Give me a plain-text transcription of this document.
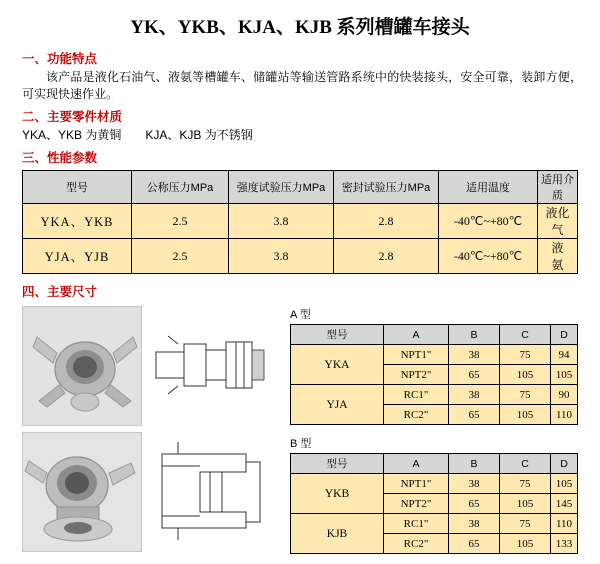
YK、YKB、KJA、KJB 系列槽罐车接头
一、功能特点
该产品是液化石油气、液氨等槽罐车、储罐站等输送管路系统中的快装接头，安全可靠，装卸方便，可实现快速作业。
二、主要零件材质
YKA、YKB 为黄铜　　KJA、KJB 为不锈钢
三、性能参数
型号	公称压力MPa	强度试验压力MPa	密封试验压力MPa	适用温度	适用介质
YKA、YKB	2.5	3.8	2.8	-40℃~+80℃	液化气
YJA、YJB	2.5	3.8	2.8	-40℃~+80℃	液　氨
四、主要尺寸
A 型
型号	A	B	C	D
YKA	NPT1"	38	75	94
	NPT2"	65	105	105
YJA	RC1"	38	75	90
	RC2"	65	105	110
B 型
型号	A	B	C	D
YKB	NPT1"	38	75	105
	NPT2"	65	105	145
KJB	RC1"	38	75	110
	RC2"	65	105	133
